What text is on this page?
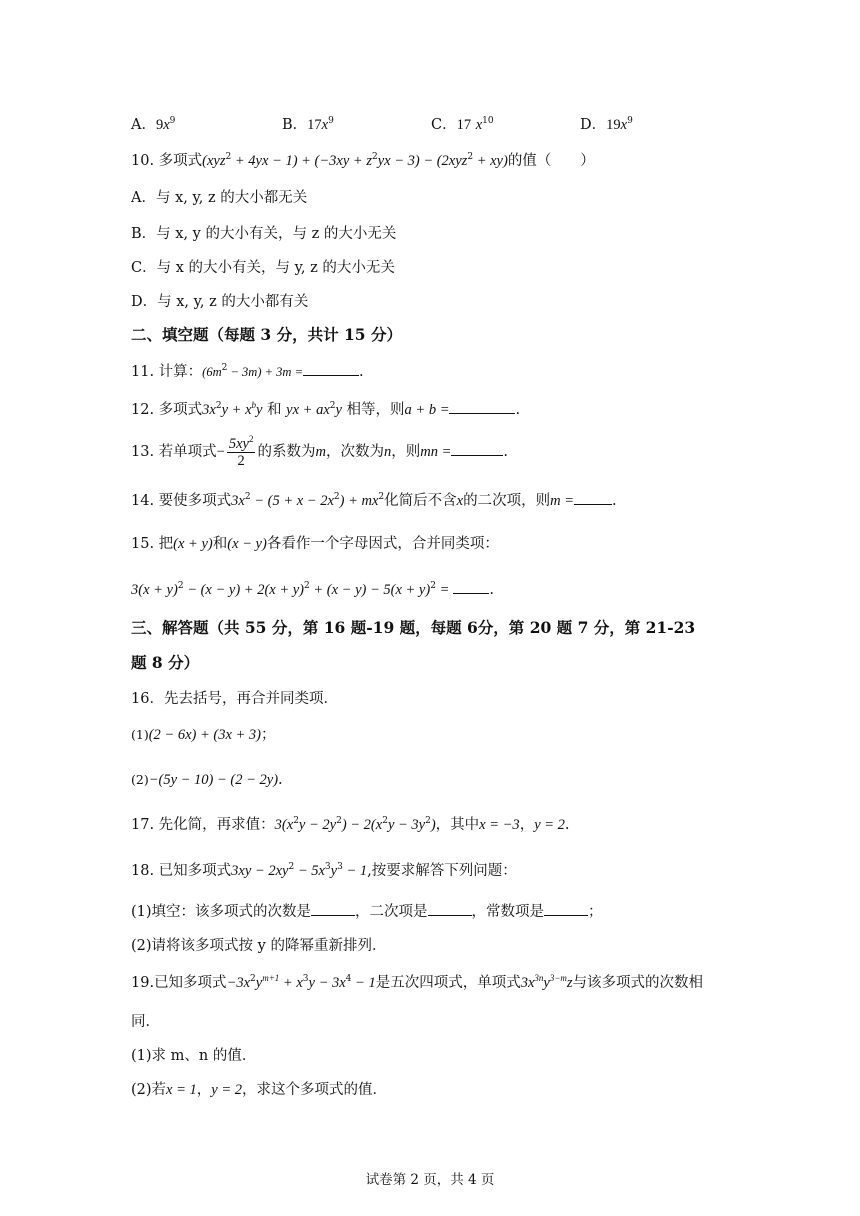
A．$9x^9$	B．$17x^9$	C．17 $x^{10}$	D．$19x^9$
10. 多项式$(xyz^2 + 4yx - 1) + (-3xy + z^2yx - 3) - (2xyz^2 + xy)$的值（　　）
A．与 x, y, z 的大小都无关
B．与 x, y 的大小有关，与 z 的大小无关
C．与 x 的大小有关，与 y, z 的大小无关
D．与 x, y, z 的大小都有关
二、填空题（每题 3 分，共计 15 分）
11. 计算：$(6m^2 - 3m) + 3m$ =	.
12. 多项式$3x^2y + x^by$ 和 yx + $ax^2y$ 相等，则a + b =	.
13. 若单项式− $\frac{5xy^2}{2}$ 的系数为m，次数为n，则mn =	.
14. 要使多项式$3x^2 - (5 + x - 2x^2) + mx^2$化简后不含x的二次项，则m =	.
15. 把(x + y)和(x − y)各看作一个字母因式，合并同类项：
$3(x + y)^2 - (x - y) + 2(x + y)^2 + (x - y) - 5(x + y)^2$ =	.
三、解答题（共 55 分，第 16 题-19 题，每题 6分，第 20 题 7 分，第 21-23
题 8 分）
16．先去括号，再合并同类项．
(1)(2 − 6x) + (3x + 3)；
(2)−(5y − 10) − (2 − 2y).
17. 先化简，再求值：$3(x^2y - 2y^2) - 2(x^2y - 3y^2)$，其中x = −3，y = 2.
18. 已知多项式$3xy - 2xy^2 - 5x^3y^3 - 1$,按要求解答下列问题：
(1)填空：该多项式的次数是	，二次项是	，常数项是	；
(2)请将该多项式按 y 的降幂重新排列．
19.已知多项式$-3x^2y^{m+1} + x^3y - 3x^4 - 1$是五次四项式，单项式$3x^{3n}y^{3-m}z$与该多项式的次数相
同．
(1)求 m、n 的值．
(2)若x = 1，y = 2，求这个多项式的值．
试卷第 2 页，共 4 页
